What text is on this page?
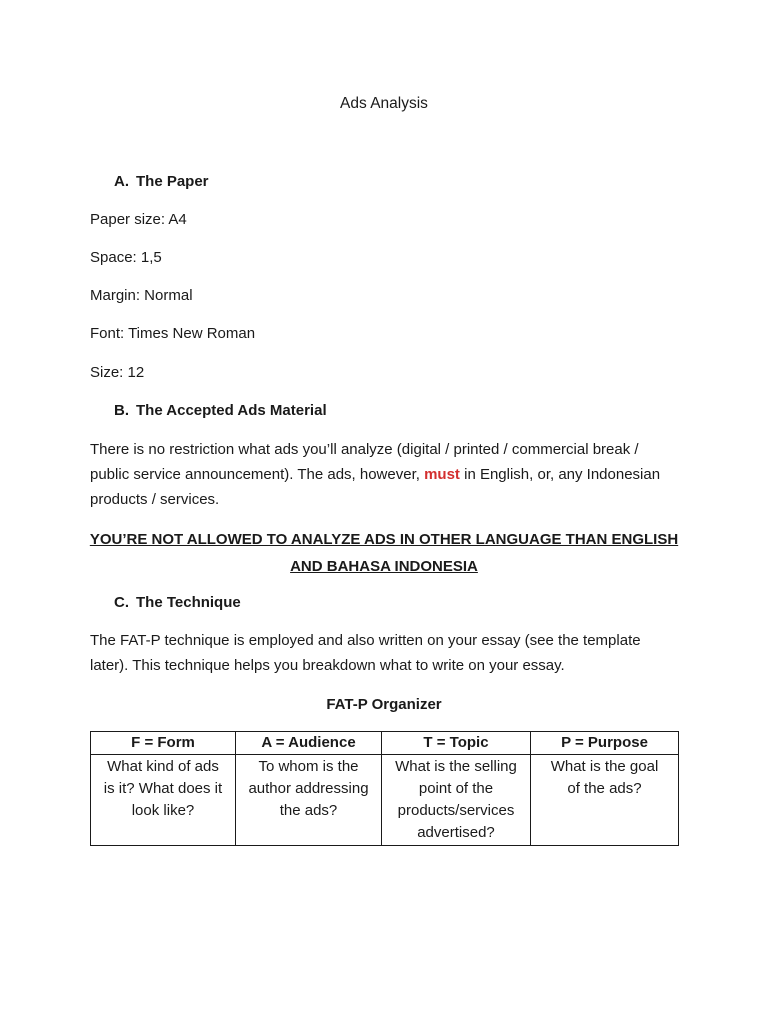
Ads Analysis
A. The Paper
Paper size: A4
Space: 1,5
Margin: Normal
Font: Times New Roman
Size: 12
B. The Accepted Ads Material
There is no restriction what ads you’ll analyze (digital / printed / commercial break / public service announcement). The ads, however, must in English, or, any Indonesian products / services.
YOU’RE NOT ALLOWED TO ANALYZE ADS IN OTHER LANGUAGE THAN ENGLISH
AND BAHASA INDONESIA
C. The Technique
The FAT-P technique is employed and also written on your essay (see the template later). This technique helps you breakdown what to write on your essay.
FAT-P Organizer
F = Form	A = Audience	T = Topic	P = Purpose

What kind of ads
is it? What does it
look like?	To whom is the
author addressing
the ads?	What is the selling
point of the
products/services
advertised?	What is the goal
of the ads?
